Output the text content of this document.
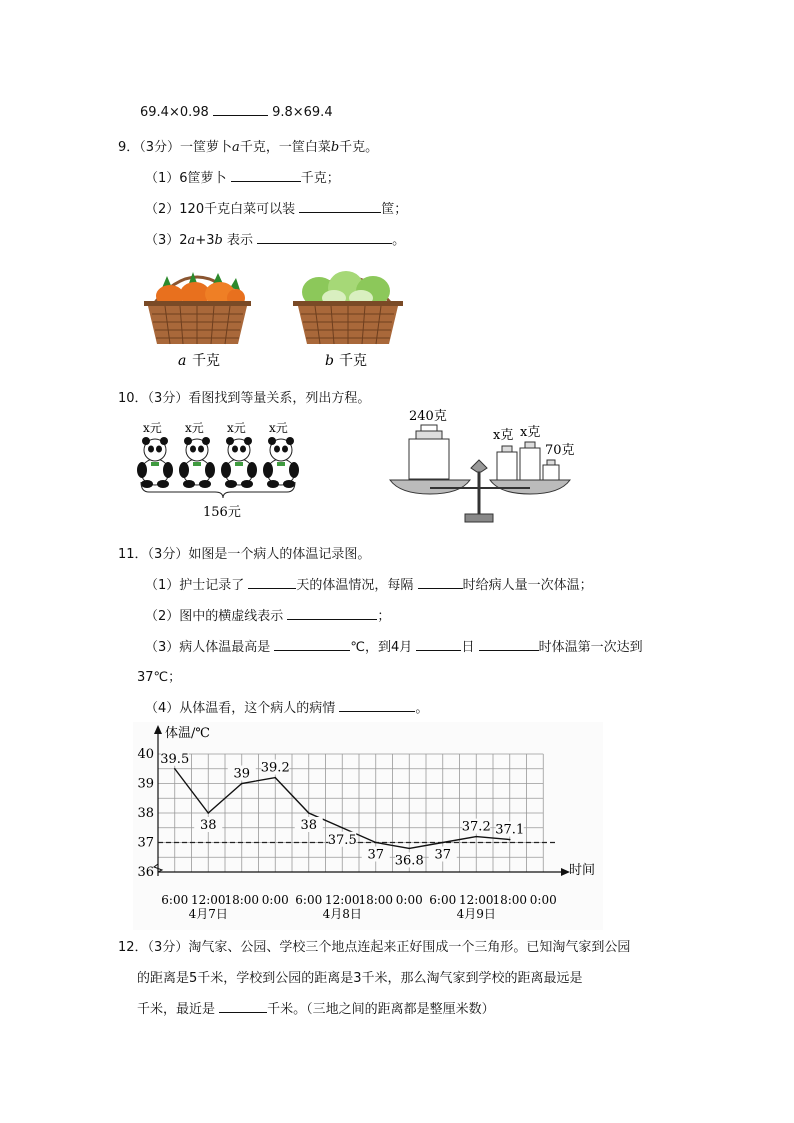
69.4×0.98	9.8×69.4
9．（3分）一筐萝卜a千克，一筐白菜b千克。
（1）6筐萝卜	千克；
（2）120千克白菜可以装	筐；
（3）2a+3b 表示	。
a 千克	b 千克
10．（3分）看图找到等量关系，列出方程。
x元 x元 x元 x元
156元
240克
x克 x克
70克
11．（3分）如图是一个病人的体温记录图。
（1）护士记录了	天的体温情况，每隔	时给病人量一次体温；
（2）图中的横虚线表示	；
（3）病人体温最高是	℃，到4月	日	时体温第一次达到
37℃；
（4）从体温看，这个病人的病情	。
体温/℃
时间
36
37
38
39
40
6:00 12:00
18:00 0:00 6:00 12:00
18:00 0:00 6:00 12:00
18:00 0:00
4月7日	4月8日	4月9日
39.5
38
39 39.2
38
37.5
37 36.8 37
37.2 37.1
12．（3分）淘气家、公园、学校三个地点连起来正好围成一个三角形。已知淘气家到公园
的距离是5千米，学校到公园的距离是3千米，那么淘气家到学校的距离最远是
千米，最近是	千米。（三地之间的距离都是整厘米数）
